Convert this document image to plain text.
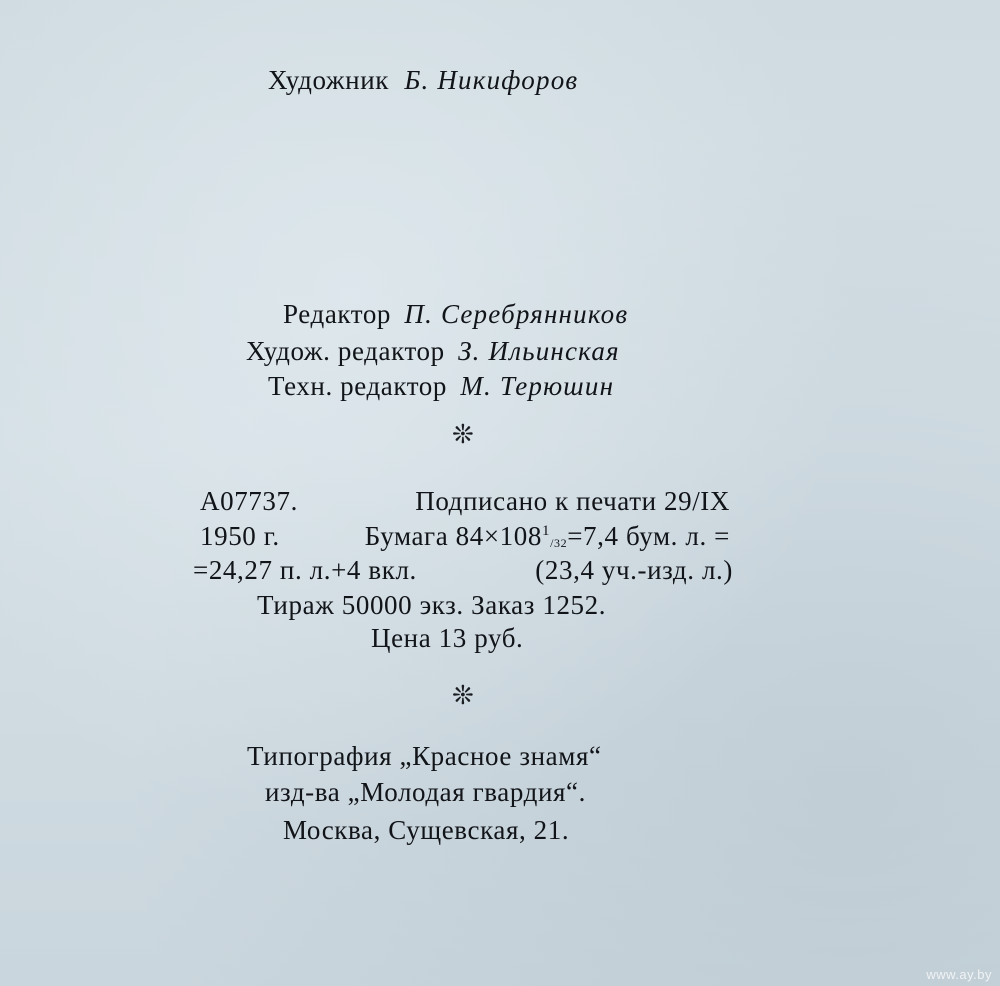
Художник Б. Никифоров
Редактор П. Серебрянников
Худож. редактор З. Ильинская
Техн. редактор М. Терюшин
❊
А07737.	Подписано к печати 29/IX
1950 г.	Бумага $84\times 108^1/32=7,4$ бум. л. =
=24,27 п. л.+4 вкл.	(23,4 уч.-изд. л.)
Тираж 50000 экз. Заказ 1252.
Цена 13 руб.
❊
Типография „Красное знамя“
изд-ва „Молодая гвардия“.
Москва, Сущевская, 21.
www.ay.by
